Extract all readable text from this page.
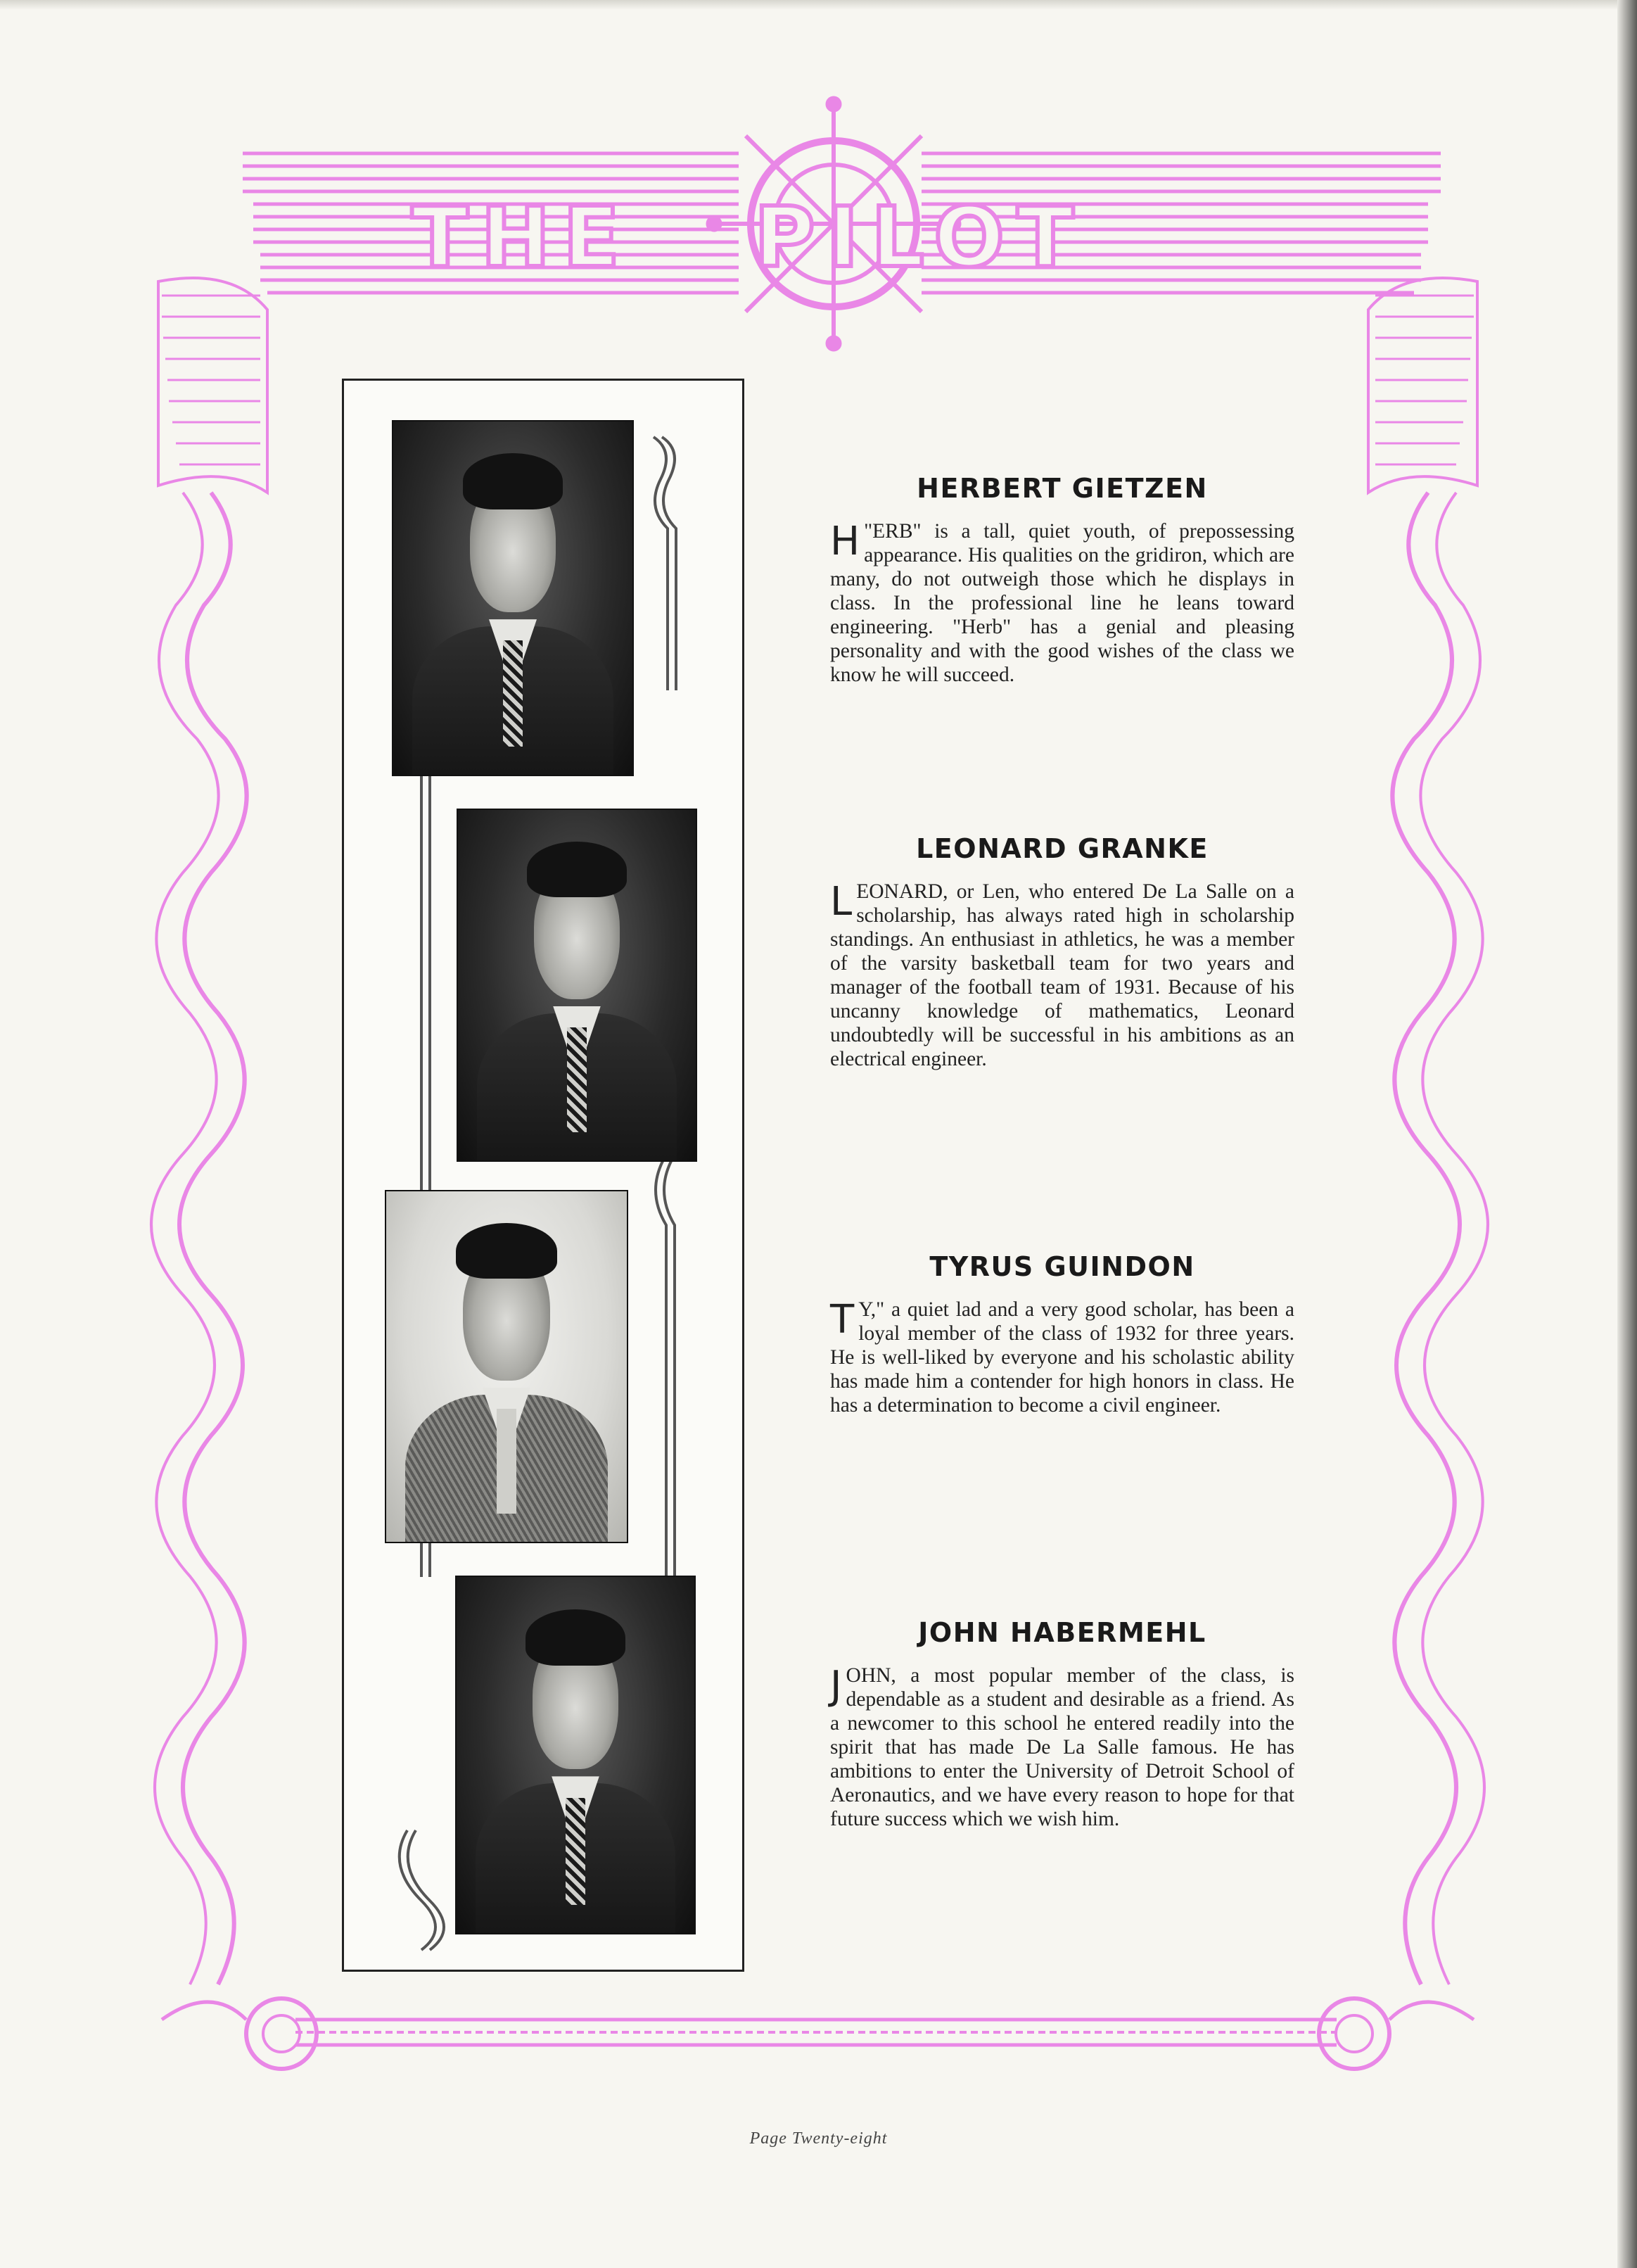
THE PILOT
HERBERT GIETZEN

H "ERB" is a tall, quiet youth, of prepossessing appearance. His qualities on the gridiron, which are many, do not outweigh those which he displays in class. In the professional line he leans toward engineering. "Herb" has a genial and pleasing personality and with the good wishes of the class we know he will succeed.

LEONARD GRANKE

L EONARD, or Len, who entered De La Salle on a scholarship, has always rated high in scholarship standings. An enthusiast in athletics, he was a member of the varsity basketball team for two years and manager of the football team of 1931. Because of his uncanny knowledge of mathematics, Leonard undoubtedly will be successful in his ambitions as an electrical engineer.

TYRUS GUINDON

T Y," a quiet lad and a very good scholar, has been a loyal member of the class of 1932 for three years. He is well-liked by everyone and his scholastic ability has made him a contender for high honors in class. He has a determination to become a civil engineer.

JOHN HABERMEHL

J OHN, a most popular member of the class, is dependable as a student and desirable as a friend. As a newcomer to this school he entered readily into the spirit that has made De La Salle famous. He has ambitions to enter the University of Detroit School of Aeronautics, and we have every reason to hope for that future success which we wish him.

Page Twenty-eight
